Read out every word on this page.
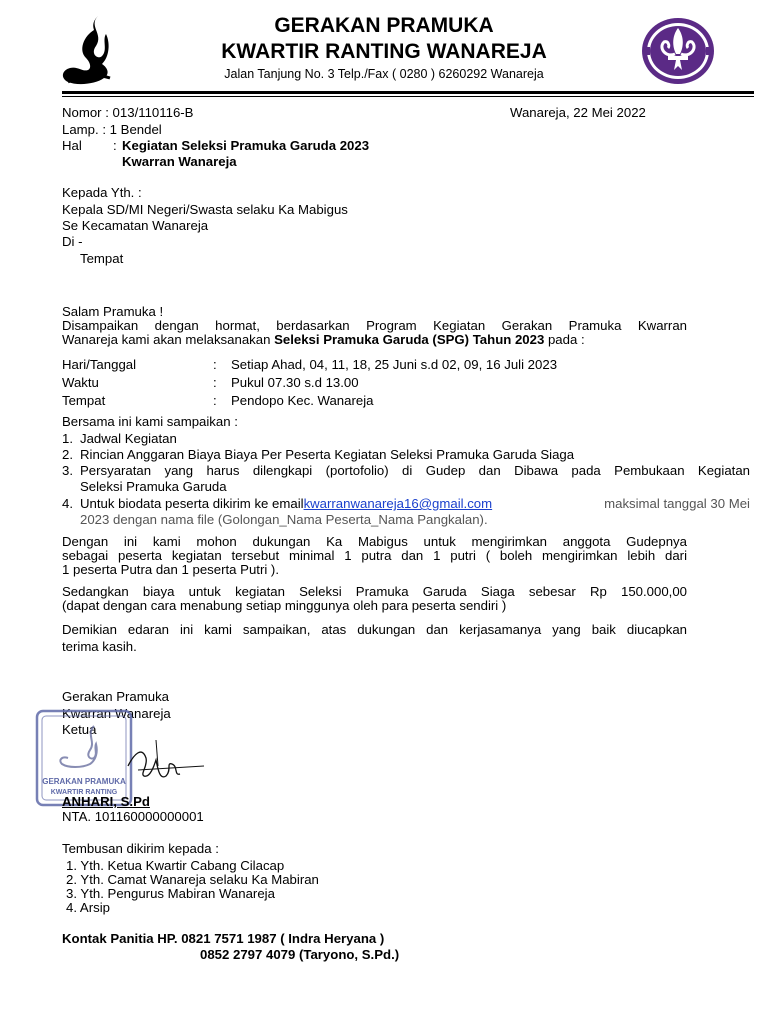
GERAKAN PRAMUKA
KWARTIR RANTING WANAREJA
Jalan Tanjung No. 3 Telp./Fax ( 0280 ) 6260292 Wanareja
Nomor : 013/110116-B	Wanareja, 22 Mei 2022
Lamp. : 1 Bendel
Hal : Kegiatan Seleksi Pramuka Garuda 2023
Kwarran Wanareja
Kepada Yth. :
Kepala SD/MI Negeri/Swasta selaku Ka Mabigus
Se Kecamatan Wanareja
Di -
Tempat
Salam Pramuka !
Disampaikan dengan hormat, berdasarkan Program Kegiatan Gerakan Pramuka Kwarran
Wanareja kami akan melaksanakan Seleksi Pramuka Garuda (SPG) Tahun 2023 pada :
Hari/Tanggal	: Setiap Ahad, 04, 11, 18, 25 Juni s.d 02, 09, 16 Juli 2023
Waktu	: Pukul 07.30 s.d 13.00
Tempat	: Pendopo Kec. Wanareja
Bersama ini kami sampaikan :
1. Jadwal Kegiatan
2. Rincian Anggaran Biaya Biaya Per Peserta Kegiatan Seleksi Pramuka Garuda Siaga
3. Persyaratan yang harus dilengkapi (portofolio) di Gudep dan Dibawa pada Pembukaan Kegiatan
Seleksi Pramuka Garuda
4. Untuk biodata peserta dikirim ke email kwarranwanareja16@gmail.com	maksimal tanggal 30 Mei
2023 dengan nama file (Golongan_Nama Peserta_Nama Pangkalan).
Dengan ini kami mohon dukungan Ka Mabigus untuk mengirimkan anggota Gudepnya
sebagai peserta kegiatan tersebut minimal 1 putra dan 1 putri ( boleh mengirimkan lebih dari
1 peserta Putra dan 1 peserta Putri ).
Sedangkan biaya untuk kegiatan Seleksi Pramuka Garuda Siaga sebesar Rp 150.000,00
(dapat dengan cara menabung setiap minggunya oleh para peserta sendiri )
Demikian edaran ini kami sampaikan, atas dukungan dan kerjasamanya yang baik diucapkan
terima kasih.
Gerakan Pramuka
Kwarran Wanareja
Ketua
GERAKAN PRAMUKA
KWARTIR RANTING
ANHARI, S.Pd
NTA. 101160000000001
Tembusan dikirim kepada :
1. Yth. Ketua Kwartir Cabang Cilacap
2. Yth. Camat Wanareja selaku Ka Mabiran
3. Yth. Pengurus Mabiran Wanareja
4. Arsip
Kontak Panitia HP. 0821 7571 1987 ( Indra Heryana )
0852 2797 4079 (Taryono, S.Pd.)
